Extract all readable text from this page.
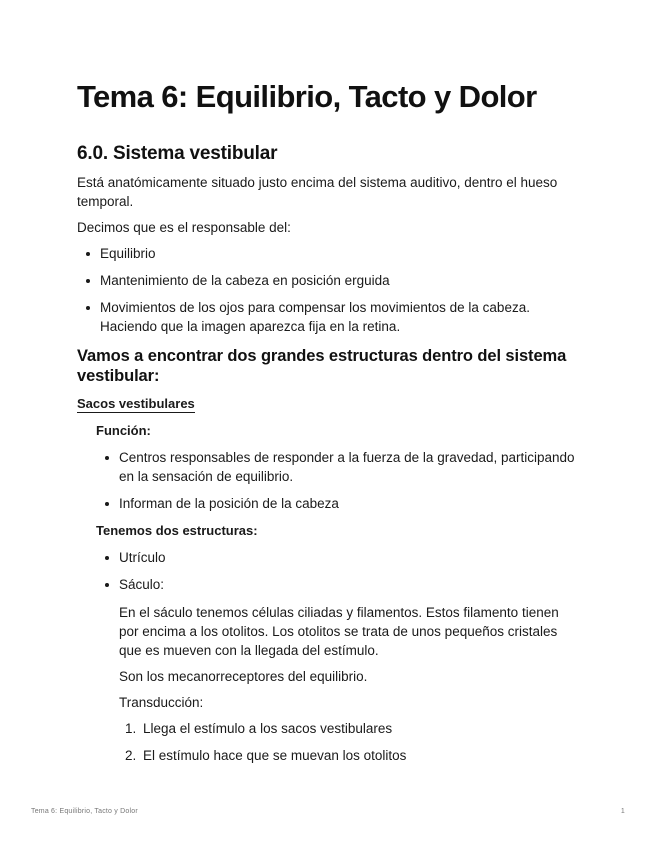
Tema 6: Equilibrio, Tacto y Dolor
6.0. Sistema vestibular

Está anatómicamente situado justo encima del sistema auditivo, dentro el hueso temporal.

Decimos que es el responsable del:

Equilibrio
Mantenimiento de la cabeza en posición erguida
Movimientos de los ojos para compensar los movimientos de la cabeza. Haciendo que la imagen aparezca fija en la retina.
Vamos a encontrar dos grandes estructuras dentro del sistema vestibular:
Sacos vestibulares
Función:
Centros responsables de responder a la fuerza de la gravedad, participando en la sensación de equilibrio.
Informan de la posición de la cabeza
Tenemos dos estructuras:
Utrículo
Sáculo:

En el sáculo tenemos células ciliadas y filamentos. Estos filamento tienen por encima a los otolitos. Los otolitos se trata de unos pequeños cristales que es mueven con la llegada del estímulo.

Son los mecanorreceptores del equilibrio.

Transducción:

1. Llega el estímulo a los sacos vestibulares
2. El estímulo hace que se muevan los otolitos
Tema 6: Equilibrio, Tacto y Dolor	1
